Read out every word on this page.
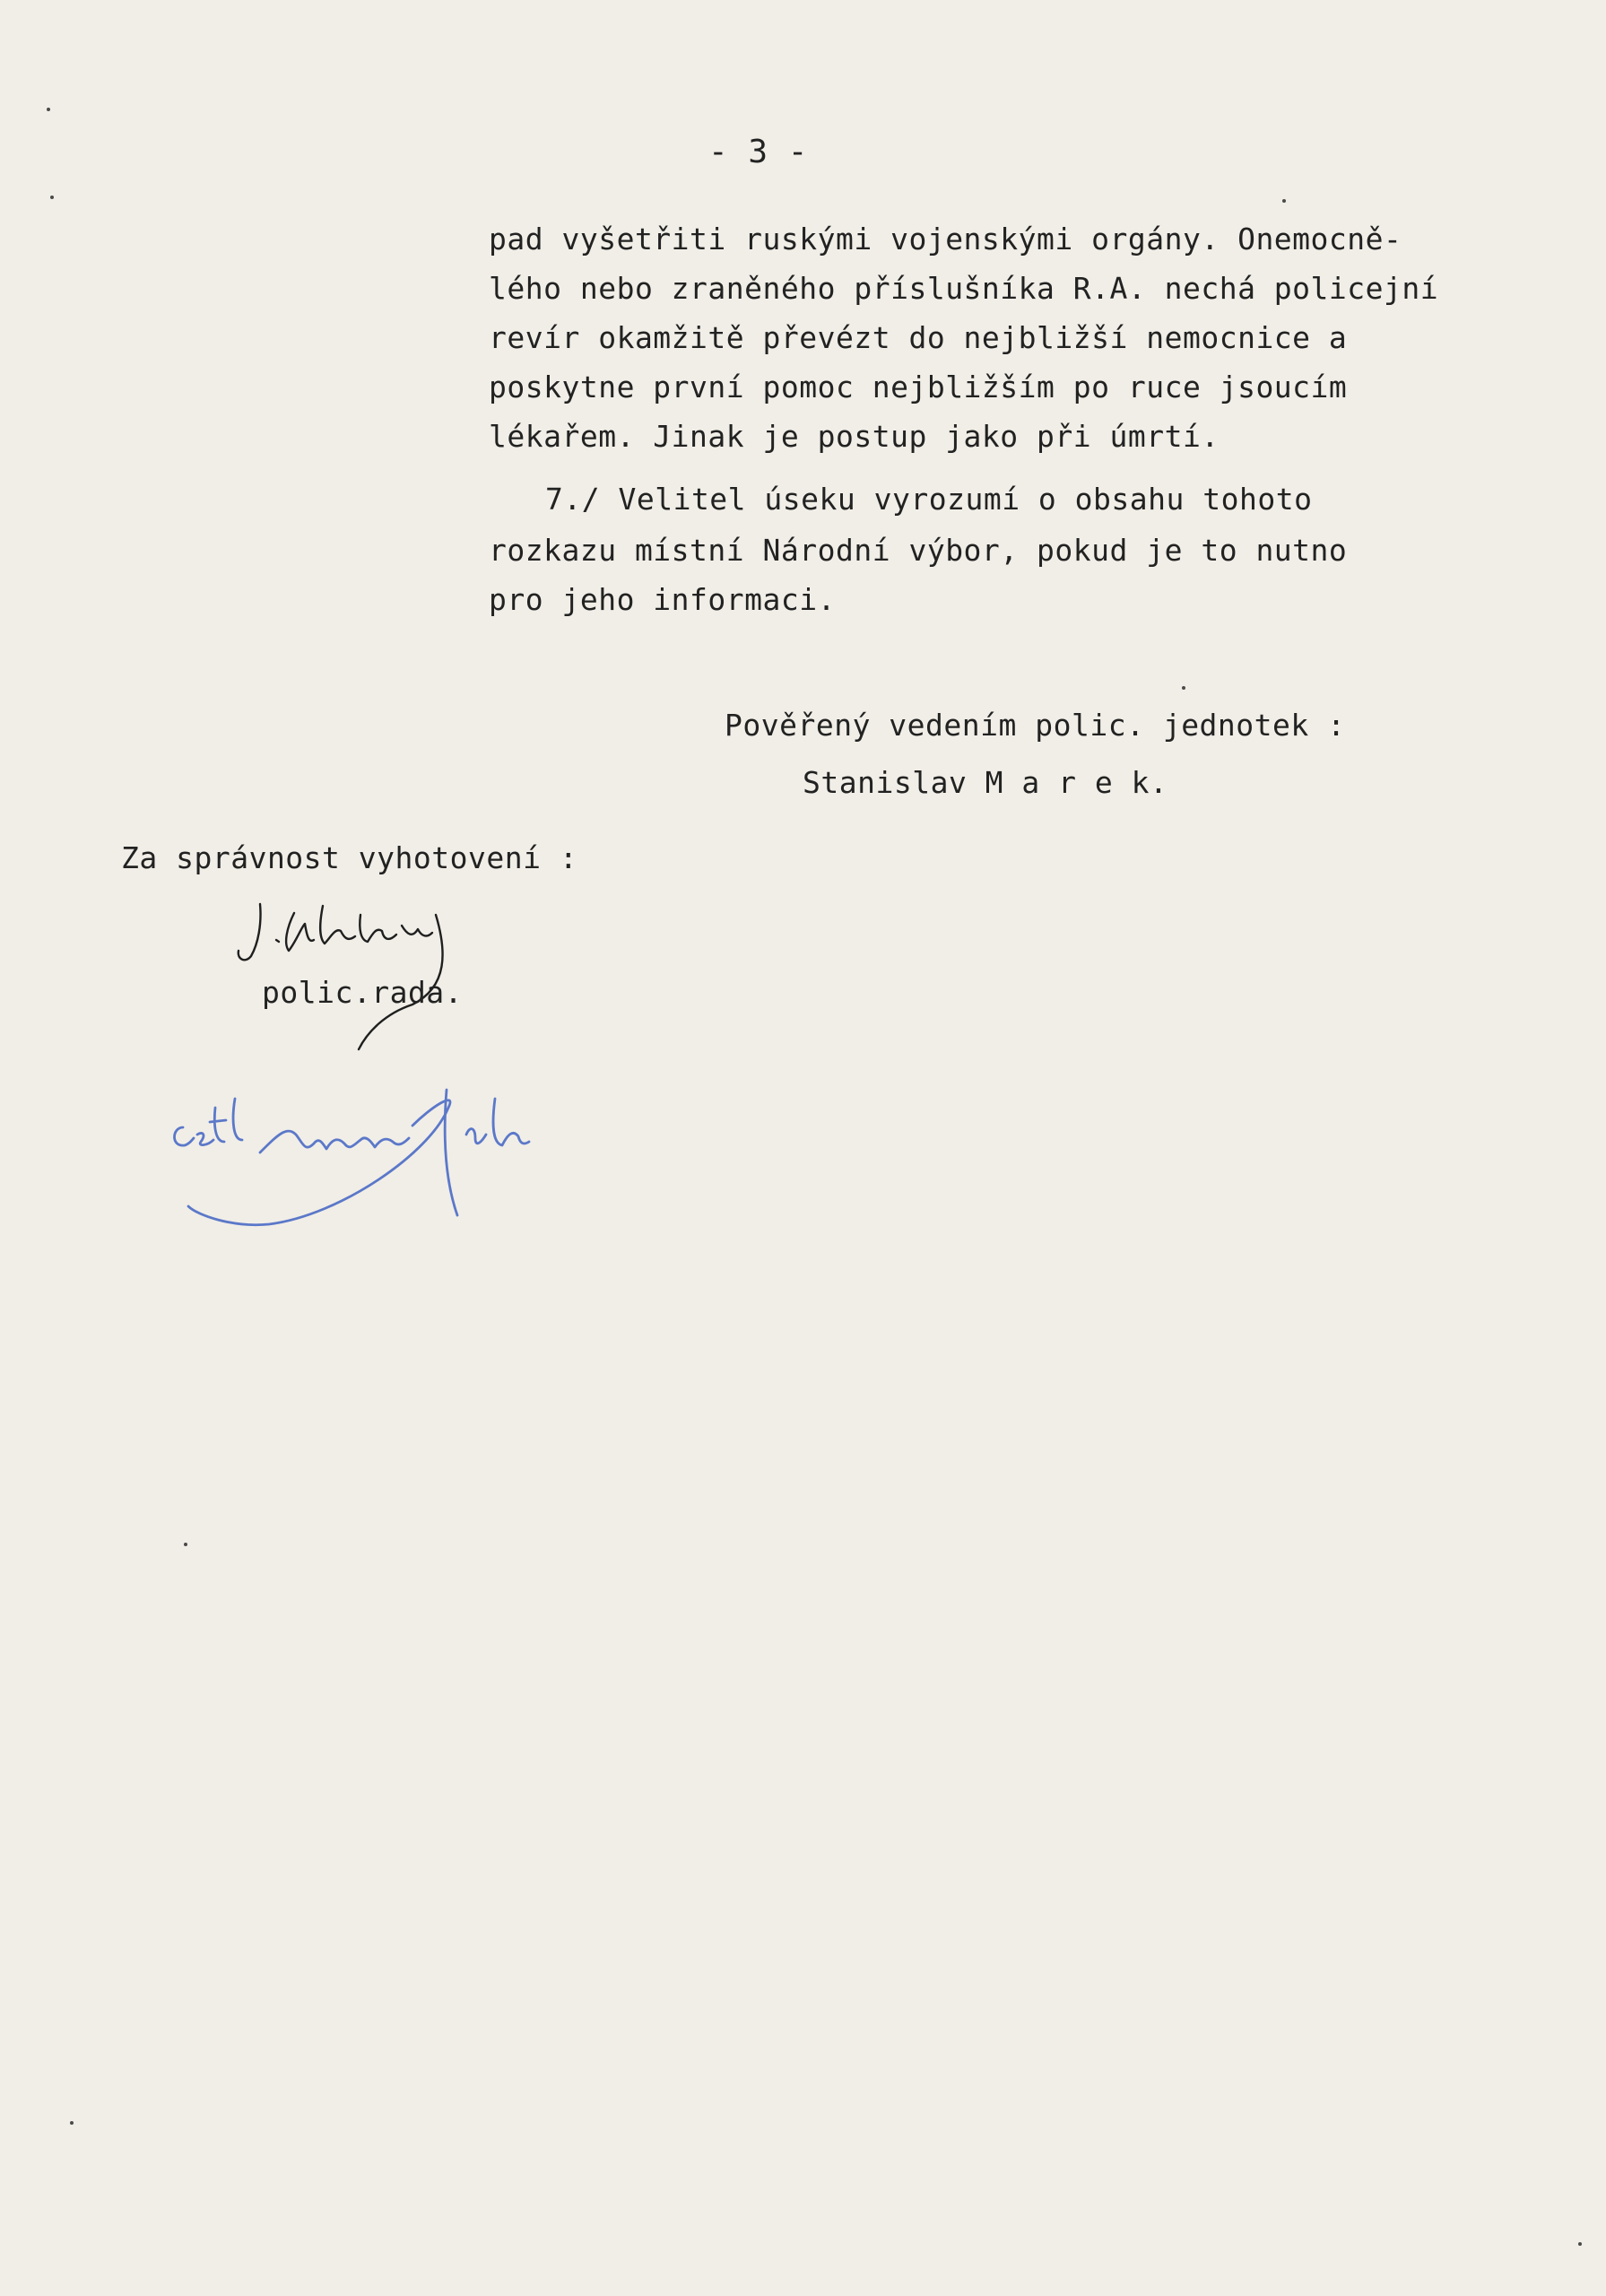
- 3 -

pad vyšetřiti ruskými vojenskými orgány. Onemocně-

lého nebo zraněného příslušníka R.A. nechá policejní

revír okamžitě převézt do nejbližší nemocnice a

poskytne první pomoc nejbližším po ruce jsoucím

lékařem. Jinak je postup jako při úmrtí.

7./ Velitel úseku vyrozumí o obsahu tohoto

rozkazu místní Národní výbor, pokud je to nutno

pro jeho informaci.

Pověřený vedením polic. jednotek :

Stanislav M a r e k.

Za správnost vyhotovení :

polic.rada.
